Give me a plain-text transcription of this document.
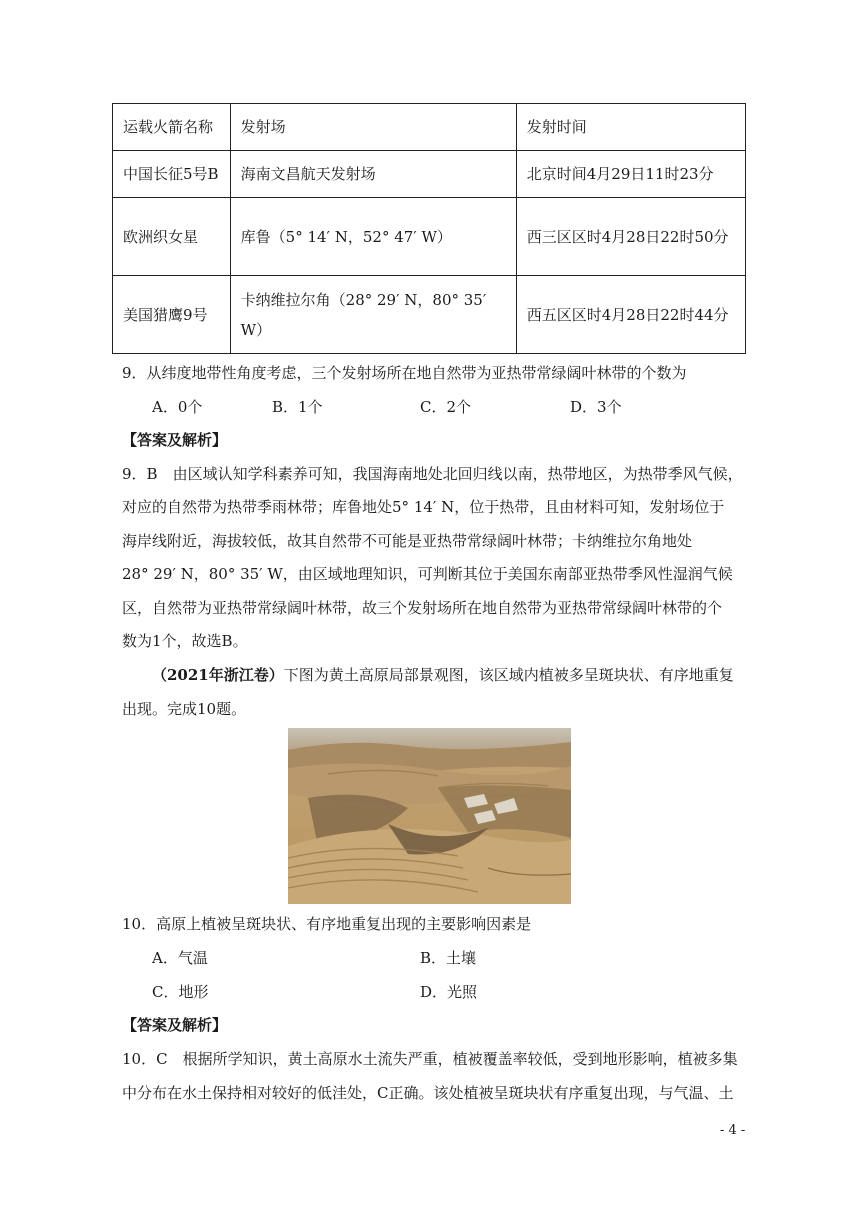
运载火箭名称	发射场	发射时间
中国长征5号B	海南文昌航天发射场	北京时间4月29日11时23分
欧洲织女星	库鲁（5° 14′ N，52° 47′ W）	西三区区时4月28日22时50分
美国猎鹰9号	卡纳维拉尔角（28° 29′ N，80° 35′ W）	西五区区时4月28日22时44分
9．从纬度地带性角度考虑，三个发射场所在地自然带为亚热带常绿阔叶林带的个数为
A．0个	B．1个	C．2个	D．3个
【答案及解析】
9．B　由区域认知学科素养可知，我国海南地处北回归线以南，热带地区，为热带季风气候，
对应的自然带为热带季雨林带；库鲁地处5° 14′ N，位于热带，且由材料可知，发射场位于
海岸线附近，海拔较低，故其自然带不可能是亚热带常绿阔叶林带；卡纳维拉尔角地处
28° 29′ N，80° 35′ W，由区域地理知识，可判断其位于美国东南部亚热带季风性湿润气候
区，自然带为亚热带常绿阔叶林带，故三个发射场所在地自然带为亚热带常绿阔叶林带的个
数为1个，故选B。
（2021年浙江卷）下图为黄土高原局部景观图，该区域内植被多呈斑块状、有序地重复
出现。完成10题。
10．高原上植被呈斑块状、有序地重复出现的主要影响因素是
A．气温	B．土壤
C．地形	D．光照
【答案及解析】
10．C　根据所学知识，黄土高原水土流失严重，植被覆盖率较低，受到地形影响，植被多集
中分布在水土保持相对较好的低洼处，C正确。该处植被呈斑块状有序重复出现，与气温、土
- 4 -
